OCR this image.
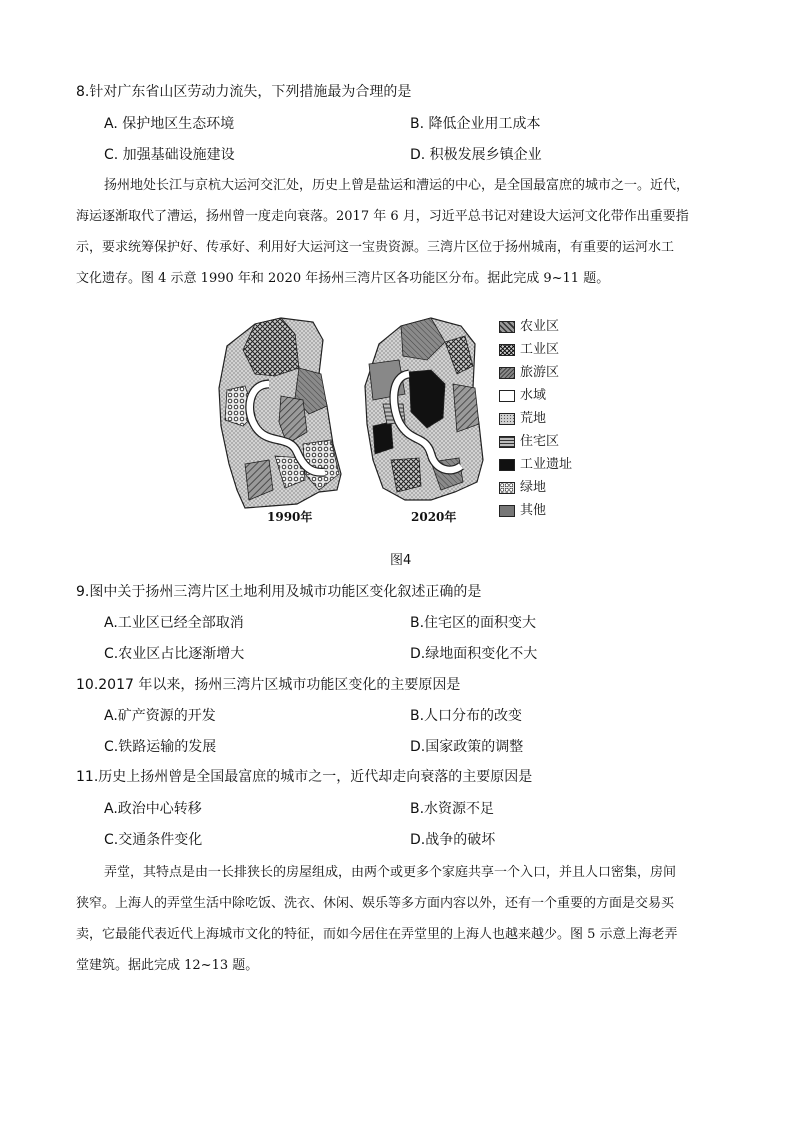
8.针对广东省山区劳动力流失，下列措施最为合理的是
A. 保护地区生态环境	B. 降低企业用工成本
C. 加强基础设施建设	D. 积极发展乡镇企业

扬州地处长江与京杭大运河交汇处，历史上曾是盐运和漕运的中心，是全国最富庶的城市之一。近代，

海运逐渐取代了漕运，扬州曾一度走向衰落。2017 年 6 月，习近平总书记对建设大运河文化带作出重要指

示，要求统筹保护好、传承好、利用好大运河这一宝贵资源。三湾片区位于扬州城南，有重要的运河水工

文化遗存。图 4 示意 1990 年和 2020 年扬州三湾片区各功能区分布。据此完成 9~11 题。

1990年	2020年
农业区
工业区
旅游区
水域
荒地
住宅区
工业遗址
绿地
其他
图4
9.图中关于扬州三湾片区土地利用及城市功能区变化叙述正确的是
A.工业区已经全部取消	B.住宅区的面积变大
C.农业区占比逐渐增大	D.绿地面积变化不大
10.2017 年以来，扬州三湾片区城市功能区变化的主要原因是
A.矿产资源的开发	B.人口分布的改变
C.铁路运输的发展	D.国家政策的调整
11.历史上扬州曾是全国最富庶的城市之一，近代却走向衰落的主要原因是
A.政治中心转移	B.水资源不足
C.交通条件变化	D.战争的破坏

弄堂，其特点是由一长排狭长的房屋组成，由两个或更多个家庭共享一个入口，并且人口密集，房间

狭窄。上海人的弄堂生活中除吃饭、洗衣、休闲、娱乐等多方面内容以外，还有一个重要的方面是交易买

卖，它最能代表近代上海城市文化的特征，而如今居住在弄堂里的上海人也越来越少。图 5 示意上海老弄

堂建筑。据此完成 12~13 题。
